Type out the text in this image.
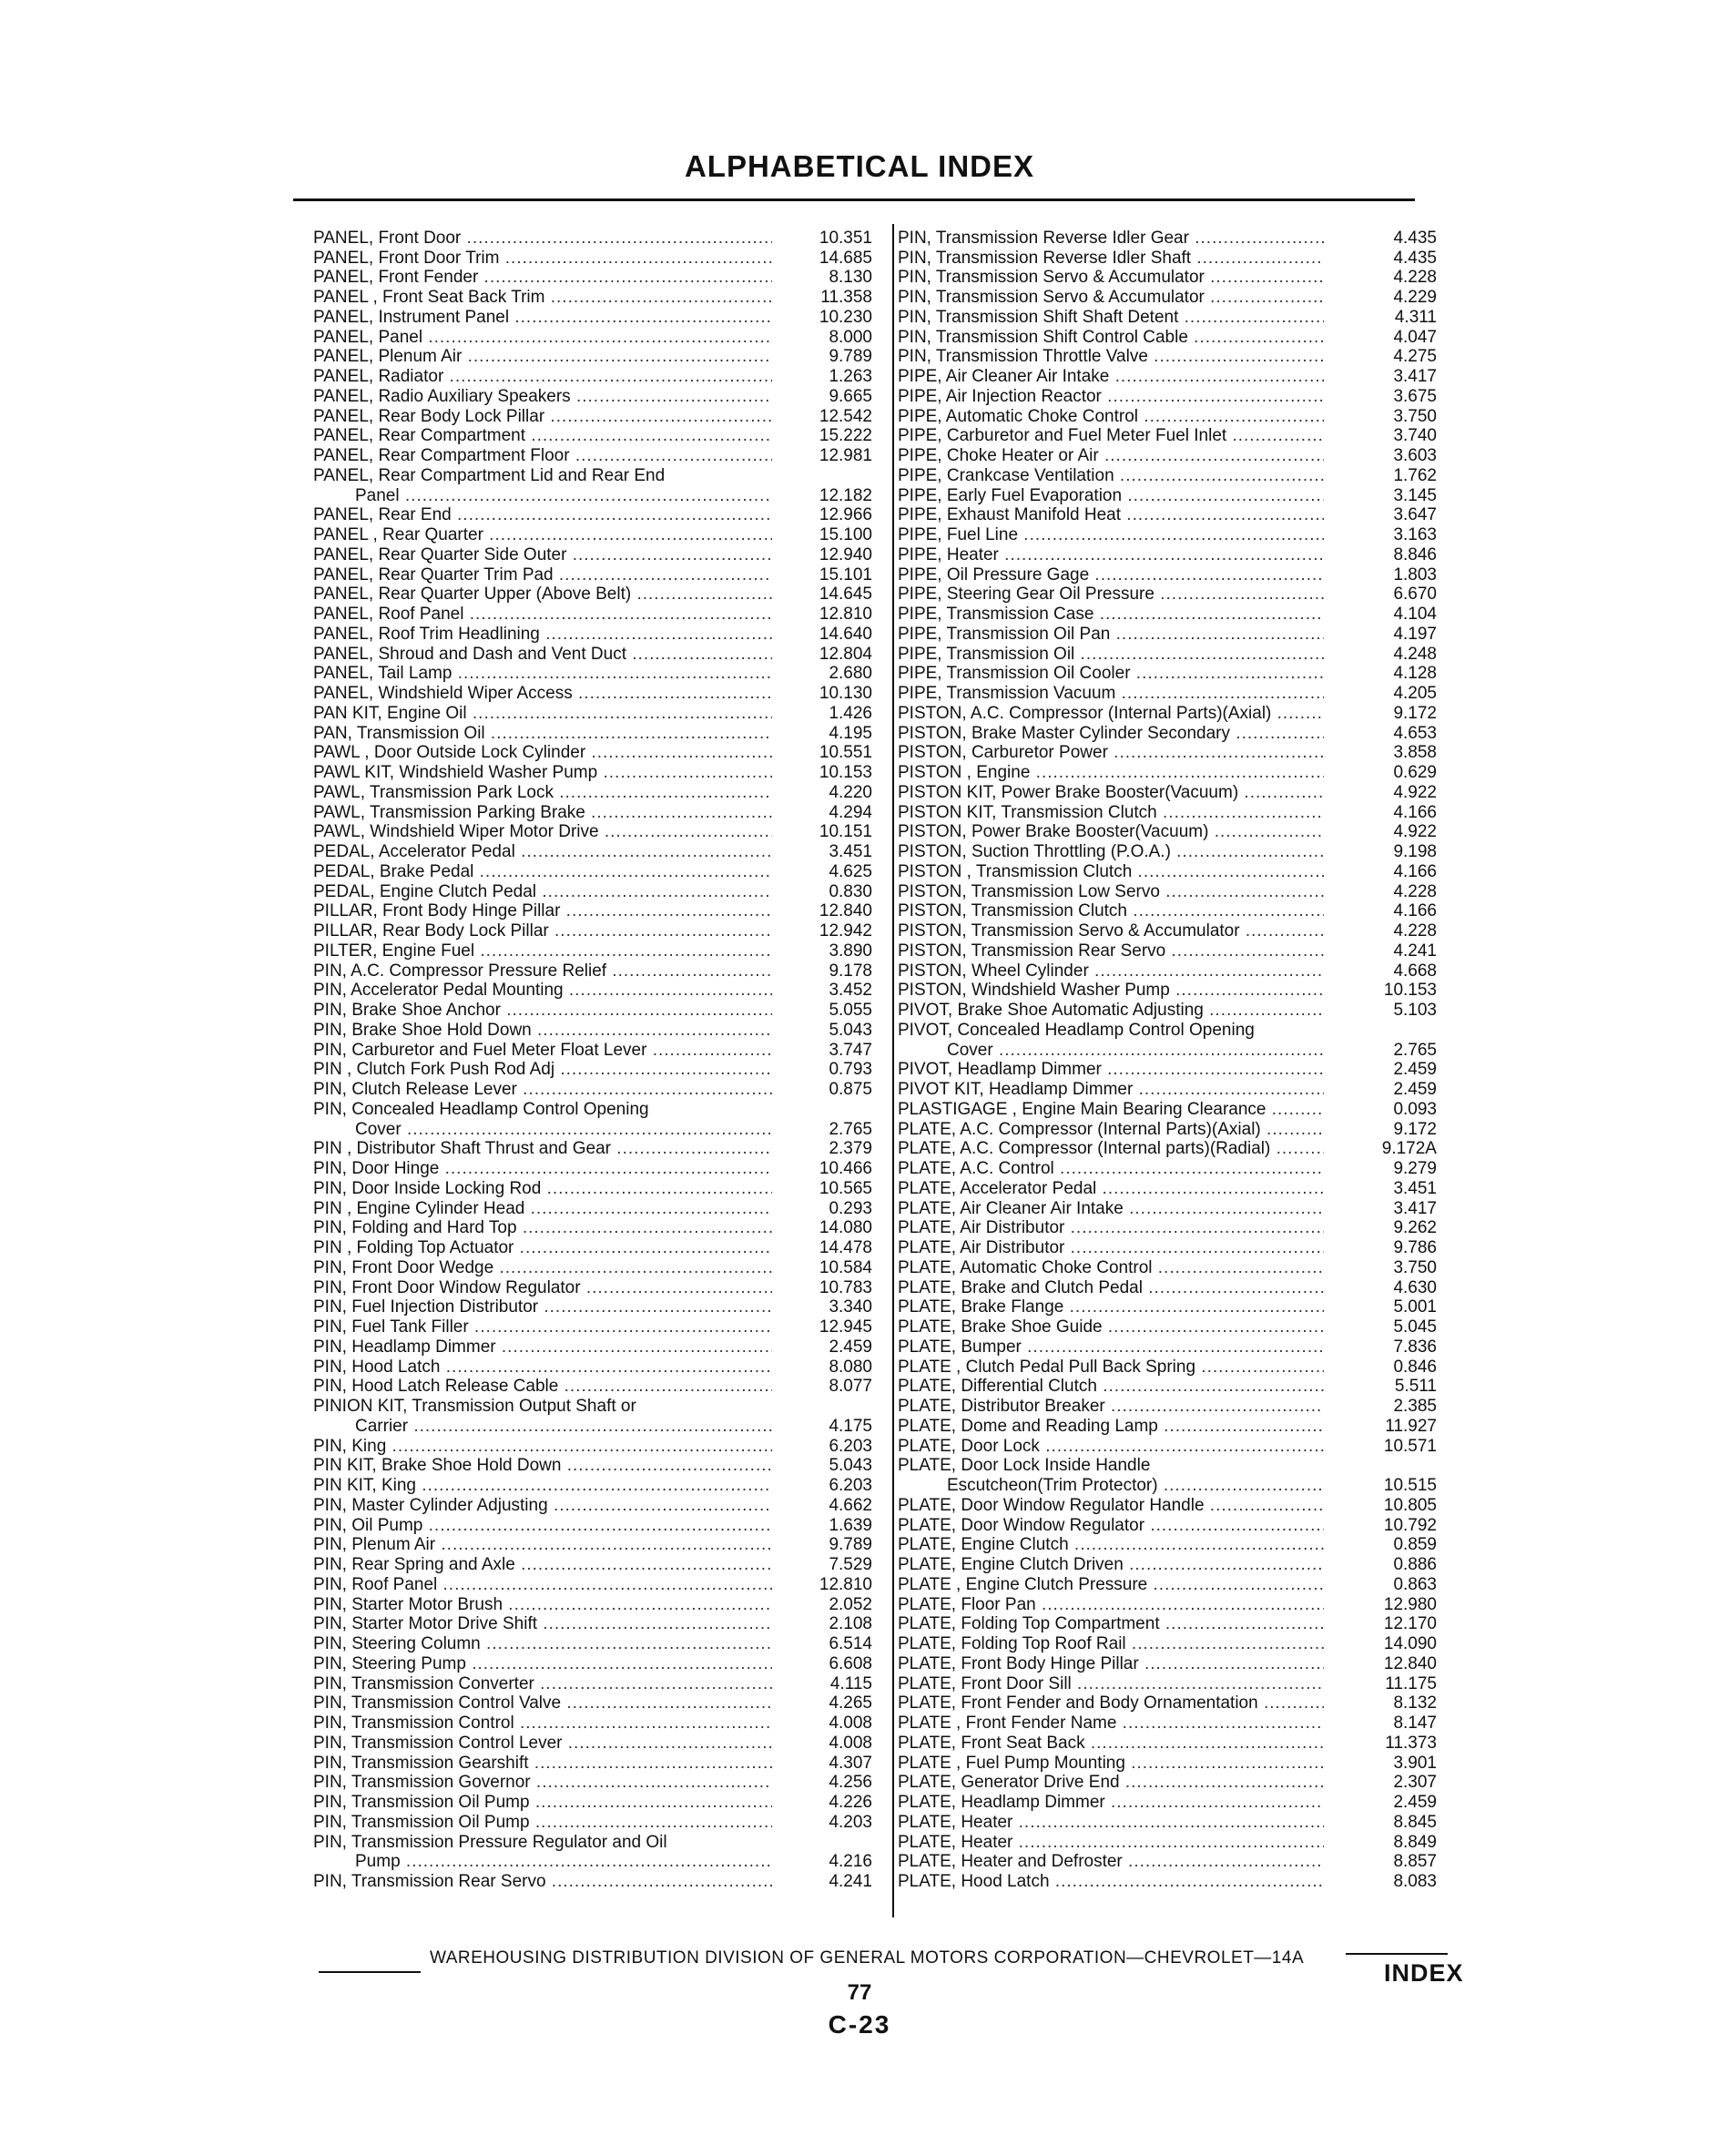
ALPHABETICAL INDEX
PANEL, Front Door .....	10.351
PANEL, Front Door Trim .....	14.685
PANEL, Front Fender .....	8.130
PANEL , Front Seat Back Trim .....	11.358
PANEL, Instrument Panel .....	10.230
PANEL, Panel .....	8.000
PANEL, Plenum Air .....	9.789
PANEL, Radiator .....	1.263
PANEL, Radio Auxiliary Speakers .....	9.665
PANEL, Rear Body Lock Pillar .....	12.542
PANEL, Rear Compartment .....	15.222
PANEL, Rear Compartment Floor .....	12.981
PANEL, Rear Compartment Lid and Rear End
Panel .....	12.182
PANEL, Rear End .....	12.966
PANEL , Rear Quarter .....	15.100
PANEL, Rear Quarter Side Outer .....	12.940
PANEL, Rear Quarter Trim Pad .....	15.101
PANEL, Rear Quarter Upper (Above Belt) .....	14.645
PANEL, Roof Panel .....	12.810
PANEL, Roof Trim Headlining .....	14.640
PANEL, Shroud and Dash and Vent Duct .....	12.804
PANEL, Tail Lamp .....	2.680
PANEL, Windshield Wiper Access .....	10.130
PAN KIT, Engine Oil .....	1.426
PAN, Transmission Oil .....	4.195
PAWL , Door Outside Lock Cylinder .....	10.551
PAWL KIT, Windshield Washer Pump .....	10.153
PAWL, Transmission Park Lock .....	4.220
PAWL, Transmission Parking Brake .....	4.294
PAWL, Windshield Wiper Motor Drive .....	10.151
PEDAL, Accelerator Pedal .....	3.451
PEDAL, Brake Pedal .....	4.625
PEDAL, Engine Clutch Pedal .....	0.830
PILLAR, Front Body Hinge Pillar .....	12.840
PILLAR, Rear Body Lock Pillar .....	12.942
PILTER, Engine Fuel .....	3.890
PIN, A.C. Compressor Pressure Relief .....	9.178
PIN, Accelerator Pedal Mounting .....	3.452
PIN, Brake Shoe Anchor .....	5.055
PIN, Brake Shoe Hold Down .....	5.043
PIN, Carburetor and Fuel Meter Float Lever .....	3.747
PIN , Clutch Fork Push Rod Adj .....	0.793
PIN, Clutch Release Lever .....	0.875
PIN, Concealed Headlamp Control Opening
Cover .....	2.765
PIN , Distributor Shaft Thrust and Gear .....	2.379
PIN, Door Hinge .....	10.466
PIN, Door Inside Locking Rod .....	10.565
PIN , Engine Cylinder Head .....	0.293
PIN, Folding and Hard Top .....	14.080
PIN , Folding Top Actuator .....	14.478
PIN, Front Door Wedge .....	10.584
PIN, Front Door Window Regulator .....	10.783
PIN, Fuel Injection Distributor .....	3.340
PIN, Fuel Tank Filler .....	12.945
PIN, Headlamp Dimmer .....	2.459
PIN, Hood Latch .....	8.080
PIN, Hood Latch Release Cable .....	8.077
PINION KIT, Transmission Output Shaft or
Carrier .....	4.175
PIN, King .....	6.203
PIN KIT, Brake Shoe Hold Down .....	5.043
PIN KIT, King .....	6.203
PIN, Master Cylinder Adjusting .....	4.662
PIN, Oil Pump .....	1.639
PIN, Plenum Air .....	9.789
PIN, Rear Spring and Axle .....	7.529
PIN, Roof Panel .....	12.810
PIN, Starter Motor Brush .....	2.052
PIN, Starter Motor Drive Shift .....	2.108
PIN, Steering Column .....	6.514
PIN, Steering Pump .....	6.608
PIN, Transmission Converter .....	4.115
PIN, Transmission Control Valve .....	4.265
PIN, Transmission Control .....	4.008
PIN, Transmission Control Lever .....	4.008
PIN, Transmission Gearshift .....	4.307
PIN, Transmission Governor .....	4.256
PIN, Transmission Oil Pump .....	4.226
PIN, Transmission Oil Pump .....	4.203
PIN, Transmission Pressure Regulator and Oil
Pump .....	4.216
PIN, Transmission Rear Servo .....	4.241
PIN, Transmission Reverse Idler Gear .....	4.435
PIN, Transmission Reverse Idler Shaft .....	4.435
PIN, Transmission Servo & Accumulator .....	4.228
PIN, Transmission Servo & Accumulator .....	4.229
PIN, Transmission Shift Shaft Detent .....	4.311
PIN, Transmission Shift Control Cable .....	4.047
PIN, Transmission Throttle Valve .....	4.275
PIPE, Air Cleaner Air Intake .....	3.417
PIPE, Air Injection Reactor .....	3.675
PIPE, Automatic Choke Control .....	3.750
PIPE, Carburetor and Fuel Meter Fuel Inlet .....	3.740
PIPE, Choke Heater or Air .....	3.603
PIPE, Crankcase Ventilation .....	1.762
PIPE, Early Fuel Evaporation .....	3.145
PIPE, Exhaust Manifold Heat .....	3.647
PIPE, Fuel Line .....	3.163
PIPE, Heater .....	8.846
PIPE, Oil Pressure Gage .....	1.803
PIPE, Steering Gear Oil Pressure .....	6.670
PIPE, Transmission Case .....	4.104
PIPE, Transmission Oil Pan .....	4.197
PIPE, Transmission Oil .....	4.248
PIPE, Transmission Oil Cooler .....	4.128
PIPE, Transmission Vacuum .....	4.205
PISTON, A.C. Compressor (Internal Parts)(Axial) .....	9.172
PISTON, Brake Master Cylinder Secondary .....	4.653
PISTON, Carburetor Power .....	3.858
PISTON , Engine .....	0.629
PISTON KIT, Power Brake Booster(Vacuum) .....	4.922
PISTON KIT, Transmission Clutch .....	4.166
PISTON, Power Brake Booster(Vacuum) .....	4.922
PISTON, Suction Throttling (P.O.A.) .....	9.198
PISTON , Transmission Clutch .....	4.166
PISTON, Transmission Low Servo .....	4.228
PISTON, Transmission Clutch .....	4.166
PISTON, Transmission Servo & Accumulator .....	4.228
PISTON, Transmission Rear Servo .....	4.241
PISTON, Wheel Cylinder .....	4.668
PISTON, Windshield Washer Pump .....	10.153
PIVOT, Brake Shoe Automatic Adjusting .....	5.103
PIVOT, Concealed Headlamp Control Opening
Cover .....	2.765
PIVOT, Headlamp Dimmer .....	2.459
PIVOT KIT, Headlamp Dimmer .....	2.459
PLASTIGAGE , Engine Main Bearing Clearance .....	0.093
PLATE, A.C. Compressor (Internal Parts)(Axial) .....	9.172
PLATE, A.C. Compressor (Internal parts)(Radial) .....	9.172A
PLATE, A.C. Control .....	9.279
PLATE, Accelerator Pedal .....	3.451
PLATE, Air Cleaner Air Intake .....	3.417
PLATE, Air Distributor .....	9.262
PLATE, Air Distributor .....	9.786
PLATE, Automatic Choke Control .....	3.750
PLATE, Brake and Clutch Pedal .....	4.630
PLATE, Brake Flange .....	5.001
PLATE, Brake Shoe Guide .....	5.045
PLATE, Bumper .....	7.836
PLATE , Clutch Pedal Pull Back Spring .....	0.846
PLATE, Differential Clutch .....	5.511
PLATE, Distributor Breaker .....	2.385
PLATE, Dome and Reading Lamp .....	11.927
PLATE, Door Lock .....	10.571
PLATE, Door Lock Inside Handle
Escutcheon(Trim Protector) .....	10.515
PLATE, Door Window Regulator Handle .....	10.805
PLATE, Door Window Regulator .....	10.792
PLATE, Engine Clutch .....	0.859
PLATE, Engine Clutch Driven .....	0.886
PLATE , Engine Clutch Pressure .....	0.863
PLATE, Floor Pan .....	12.980
PLATE, Folding Top Compartment .....	12.170
PLATE, Folding Top Roof Rail .....	14.090
PLATE, Front Body Hinge Pillar .....	12.840
PLATE, Front Door Sill .....	11.175
PLATE, Front Fender and Body Ornamentation .....	8.132
PLATE , Front Fender Name .....	8.147
PLATE, Front Seat Back .....	11.373
PLATE , Fuel Pump Mounting .....	3.901
PLATE, Generator Drive End .....	2.307
PLATE, Headlamp Dimmer .....	2.459
PLATE, Heater .....	8.845
PLATE, Heater .....	8.849
PLATE, Heater and Defroster .....	8.857
PLATE, Hood Latch .....	8.083
WAREHOUSING DISTRIBUTION DIVISION OF GENERAL MOTORS CORPORATION—CHEVROLET—14A
INDEX
77
C-23
